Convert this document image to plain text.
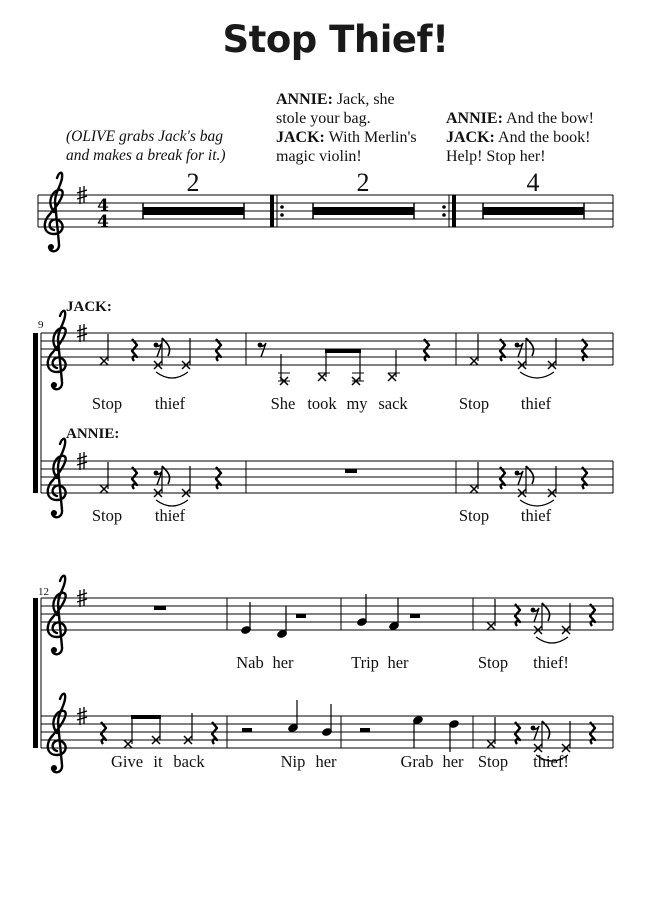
Stop Thief!
(OLIVE grabs Jack's bag
and makes a break for it.)
ANNIE: Jack, she
stole your bag.
JACK: With Merlin's
magic violin!
ANNIE: And the bow!
JACK: And the book!
Help! Stop her!
2	2	4
JACK:
ANNIE:
9
12
Stop thief	She took my sack	Stop thief
Stop thief	Stop thief
Nab her	Trip her	Stop thief!
Give it back	Nip her	Grab her Stop thief!
4
4
